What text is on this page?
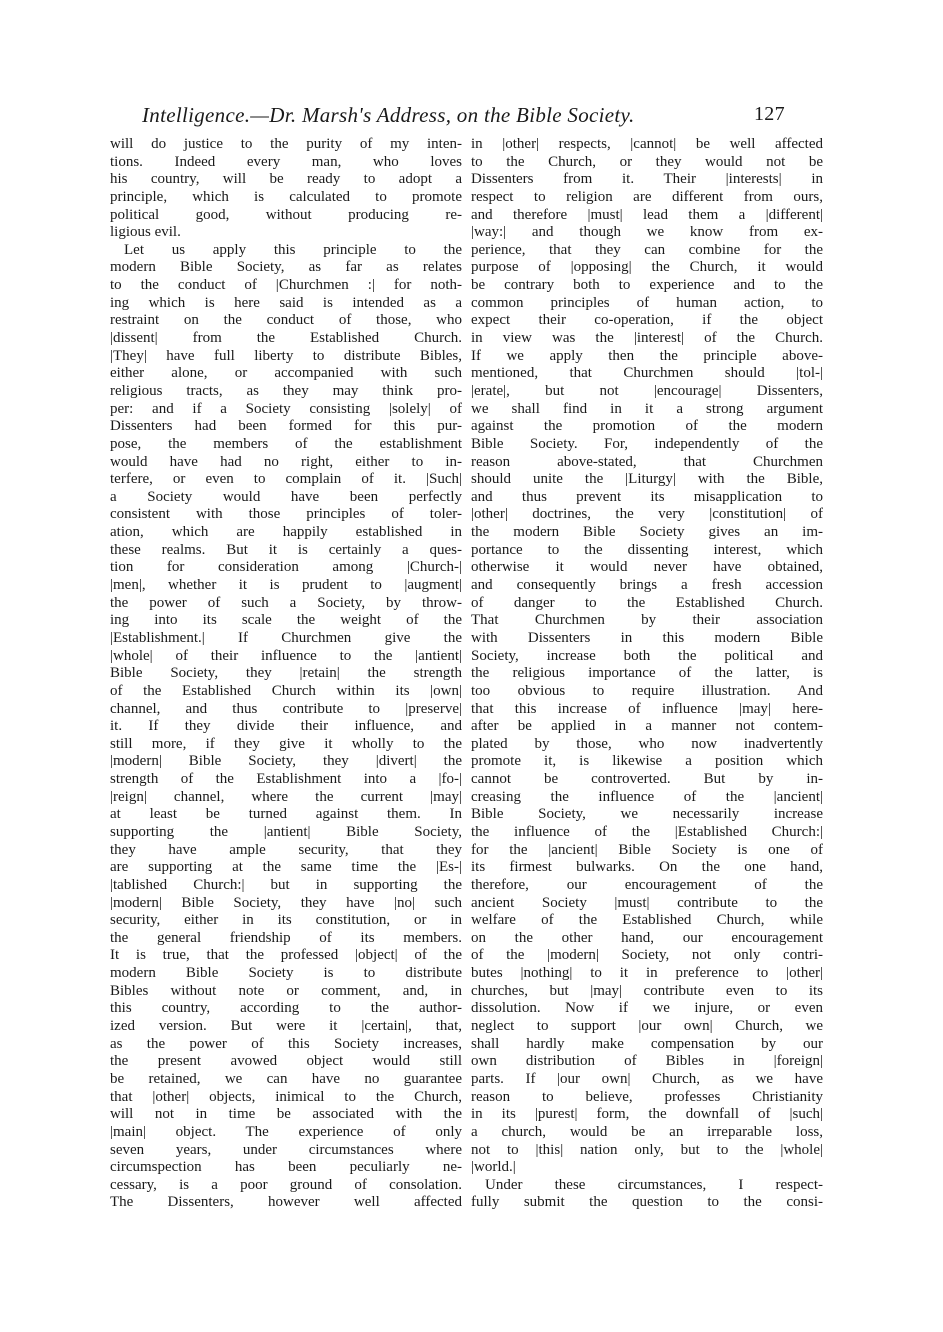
Intelligence.—Dr. Marsh's Address, on the Bible Society.	127
will do justice to the purity of my inten-
tions. Indeed every man, who loves
his country, will be ready to adopt a
principle, which is calculated to promote
political good, without producing re-
ligious evil.
Let us apply this principle to the
modern Bible Society, as far as relates
to the conduct of |Churchmen :| for noth-
ing which is here said is intended as a
restraint on the conduct of those, who
|dissent| from the Established Church.
|They| have full liberty to distribute Bibles,
either alone, or accompanied with such
religious tracts, as they may think pro-
per: and if a Society consisting |solely| of
Dissenters had been formed for this pur-
pose, the members of the establishment
would have had no right, either to in-
terfere, or even to complain of it. |Such|
a Society would have been perfectly
consistent with those principles of toler-
ation, which are happily established in
these realms. But it is certainly a ques-
tion for consideration among |Church-|
|men|, whether it is prudent to |augment|
the power of such a Society, by throw-
ing into its scale the weight of the
|Establishment.| If Churchmen give the
|whole| of their influence to the |antient|
Bible Society, they |retain| the strength
of the Established Church within its |own|
channel, and thus contribute to |preserve|
it. If they divide their influence, and
still more, if they give it wholly to the
|modern| Bible Society, they |divert| the
strength of the Establishment into a |fo-|
|reign| channel, where the current |may|
at least be turned against them. In
supporting the |antient| Bible Society,
they have ample security, that they
are supporting at the same time the |Es-|
|tablished Church:| but in supporting the
|modern| Bible Society, they have |no| such
security, either in its constitution, or in
the general friendship of its members.
It is true, that the professed |object| of the
modern Bible Society is to distribute
Bibles without note or comment, and, in
this country, according to the author-
ized version. But were it |certain|, that,
as the power of this Society increases,
the present avowed object would still
be retained, we can have no guarantee
that |other| objects, inimical to the Church,
will not in time be associated with the
|main| object. The experience of only
seven years, under circumstances where
circumspection has been peculiarly ne-
cessary, is a poor ground of consolation.
The Dissenters, however well affected
in |other| respects, |cannot| be well affected
to the Church, or they would not be
Dissenters from it. Their |interests| in
respect to religion are different from ours,
and therefore |must| lead them a |different|
|way:| and though we know from ex-
perience, that they can combine for the
purpose of |opposing| the Church, it would
be contrary both to experience and to the
common principles of human action, to
expect their co-operation, if the object
in view was the |interest| of the Church.
If we apply then the principle above-
mentioned, that Churchmen should |tol-|
|erate|, but not |encourage| Dissenters,
we shall find in it a strong argument
against the promotion of the modern
Bible Society. For, independently of the
reason above-stated, that Churchmen
should unite the |Liturgy| with the Bible,
and thus prevent its misapplication to
|other| doctrines, the very |constitution| of
the modern Bible Society gives an im-
portance to the dissenting interest, which
otherwise it would never have obtained,
and consequently brings a fresh accession
of danger to the Established Church.
That Churchmen by their association
with Dissenters in this modern Bible
Society, increase both the political and
the religious importance of the latter, is
too obvious to require illustration. And
that this increase of influence |may| here-
after be applied in a manner not contem-
plated by those, who now inadvertently
promote it, is likewise a position which
cannot be controverted. But by in-
creasing the influence of the |ancient|
Bible Society, we necessarily increase
the influence of the |Established Church:|
for the |ancient| Bible Society is one of
its firmest bulwarks. On the one hand,
therefore, our encouragement of the
ancient Society |must| contribute to the
welfare of the Established Church, while
on the other hand, our encouragement
of the |modern| Society, not only contri-
butes |nothing| to it in preference to |other|
churches, but |may| contribute even to its
dissolution. Now if we injure, or even
neglect to support |our own| Church, we
shall hardly make compensation by our
own distribution of Bibles in |foreign|
parts. If |our own| Church, as we have
reason to believe, professes Christianity
in its |purest| form, the downfall of |such|
a church, would be an irreparable loss,
not to |this| nation only, but to the |whole|
|world.|
Under these circumstances, I respect-
fully submit the question to the consi-
